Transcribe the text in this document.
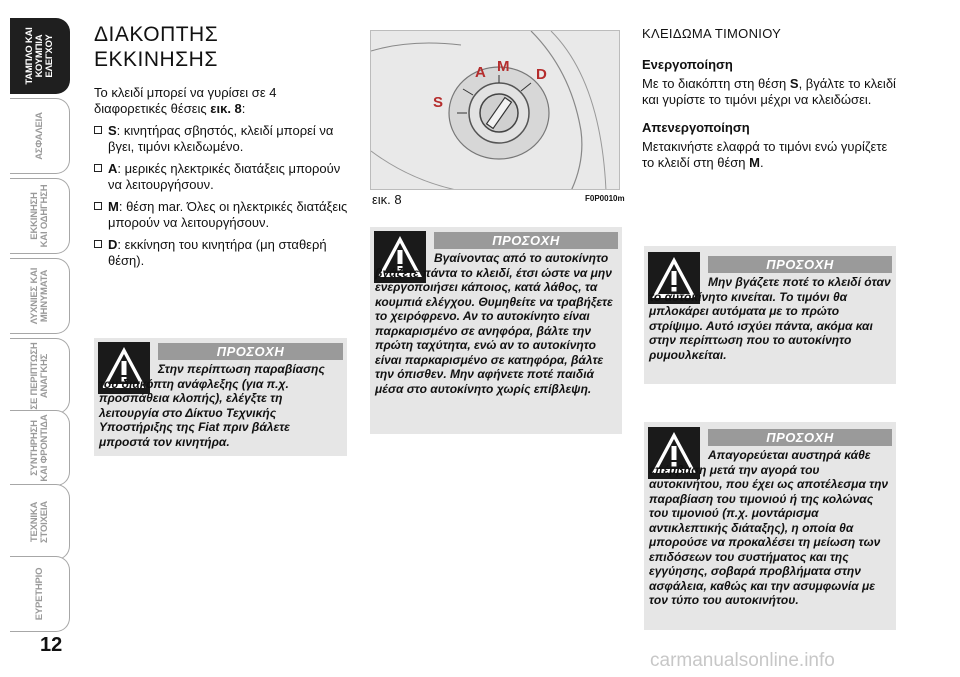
ΤΑΜΠΛΟ ΚΑΙ
ΚΟΥΜΠΙΑ
ΕΛΕΓΧΟΥ
ΑΣΦΑΛΕΙΑ
ΕΚΚΙΝΗΣΗ
ΚΑΙ ΟΔΗΓΗΣΗ
ΛΥΧΝΙΕΣ ΚΑΙ
ΜΗΝΥΜΑΤΑ
ΣΕ ΠΕΡΙΠΤΩΣΗ
ΑΝΑΓΚΗΣ
ΣΥΝΤΗΡΗΣΗ
ΚΑΙ ΦΡΟΝΤΙΔΑ
ΤΕΧΝΙΚΑ
ΣΤΟΙΧΕΙΑ
ΕΥΡΕΤΗΡΙΟ
12
ΔΙΑΚΟΠΤΗΣ
ΕΚΚΙΝΗΣΗΣ

Το κλειδί μπορεί να γυρίσει σε 4 διαφορετικές θέσεις εικ. 8:

S: κινητήρας σβηστός, κλειδί μπορεί να βγει, τιμόνι κλειδωμένο.

A: μερικές ηλεκτρικές διατάξεις μπορούν να λειτουργήσουν.

M: θέση mar. Όλες οι ηλεκτρικές διατάξεις μπορούν να λειτουργήσουν.

D: εκκίνηση του κινητήρα (μη σταθερή θέση).

ΠΡΟΣΟΧΗ
Στην περίπτωση παραβίασης του διακόπτη ανάφλεξης (για π.χ. προσπάθεια κλοπής), ελέγξτε τη λειτουργία στο Δίκτυο Τεχνικής Υποστήριξης της Fiat πριν βάλετε μπροστά τον κινητήρα.
S
A M D
εικ. 8	F0P0010m
ΠΡΟΣΟΧΗ
Βγαίνοντας από το αυτοκίνητο βγάζετε πάντα το κλειδί, έτσι ώστε να μην ενεργοποιήσει κάποιος, κατά λάθος, τα κουμπιά ελέγχου. Θυμηθείτε να τραβήξετε το χειρόφρενο. Αν το αυτοκίνητο είναι παρκαρισμένο σε ανηφόρα, βάλτε την πρώτη ταχύτητα, ενώ αν το αυτοκίνητο είναι παρκαρισμένο σε κατηφόρα, βάλτε την όπισθεν. Μην αφήνετε ποτέ παιδιά μέσα στο αυτοκίνητο χωρίς επίβλεψη.

ΚΛΕΙΔΩΜΑ ΤΙΜΟΝΙΟΥ

Ενεργοποίηση

Με το διακόπτη στη θέση S, βγάλτε το κλειδί και γυρίστε το τιμόνι μέχρι να κλειδώσει.

Απενεργοποίηση

Μετακινήστε ελαφρά το τιμόνι ενώ γυρίζετε το κλειδί στη θέση M.

ΠΡΟΣΟΧΗ
Μην βγάζετε ποτέ το κλειδί όταν το αυτοκίνητο κινείται. Το τιμόνι θα μπλοκάρει αυτόματα με το πρώτο στρίψιμο. Αυτό ισχύει πάντα, ακόμα και στην περίπτωση που το αυτοκίνητο ρυμουλκείται.
ΠΡΟΣΟΧΗ
Απαγορεύεται αυστηρά κάθε επέμβαση μετά την αγορά του αυτοκινήτου, που έχει ως αποτέλεσμα την παραβίαση του τιμονιού ή της κολώνας του τιμονιού (π.χ. μοντάρισμα αντικλεπτικής διάταξης), η οποία θα μπορούσε να προκαλέσει τη μείωση των επιδόσεων του συστήματος και της εγγύησης, σοβαρά προβλήματα στην ασφάλεια, καθώς και την ασυμφωνία με τον τύπο του αυτοκινήτου.
carmanualsonline.info
